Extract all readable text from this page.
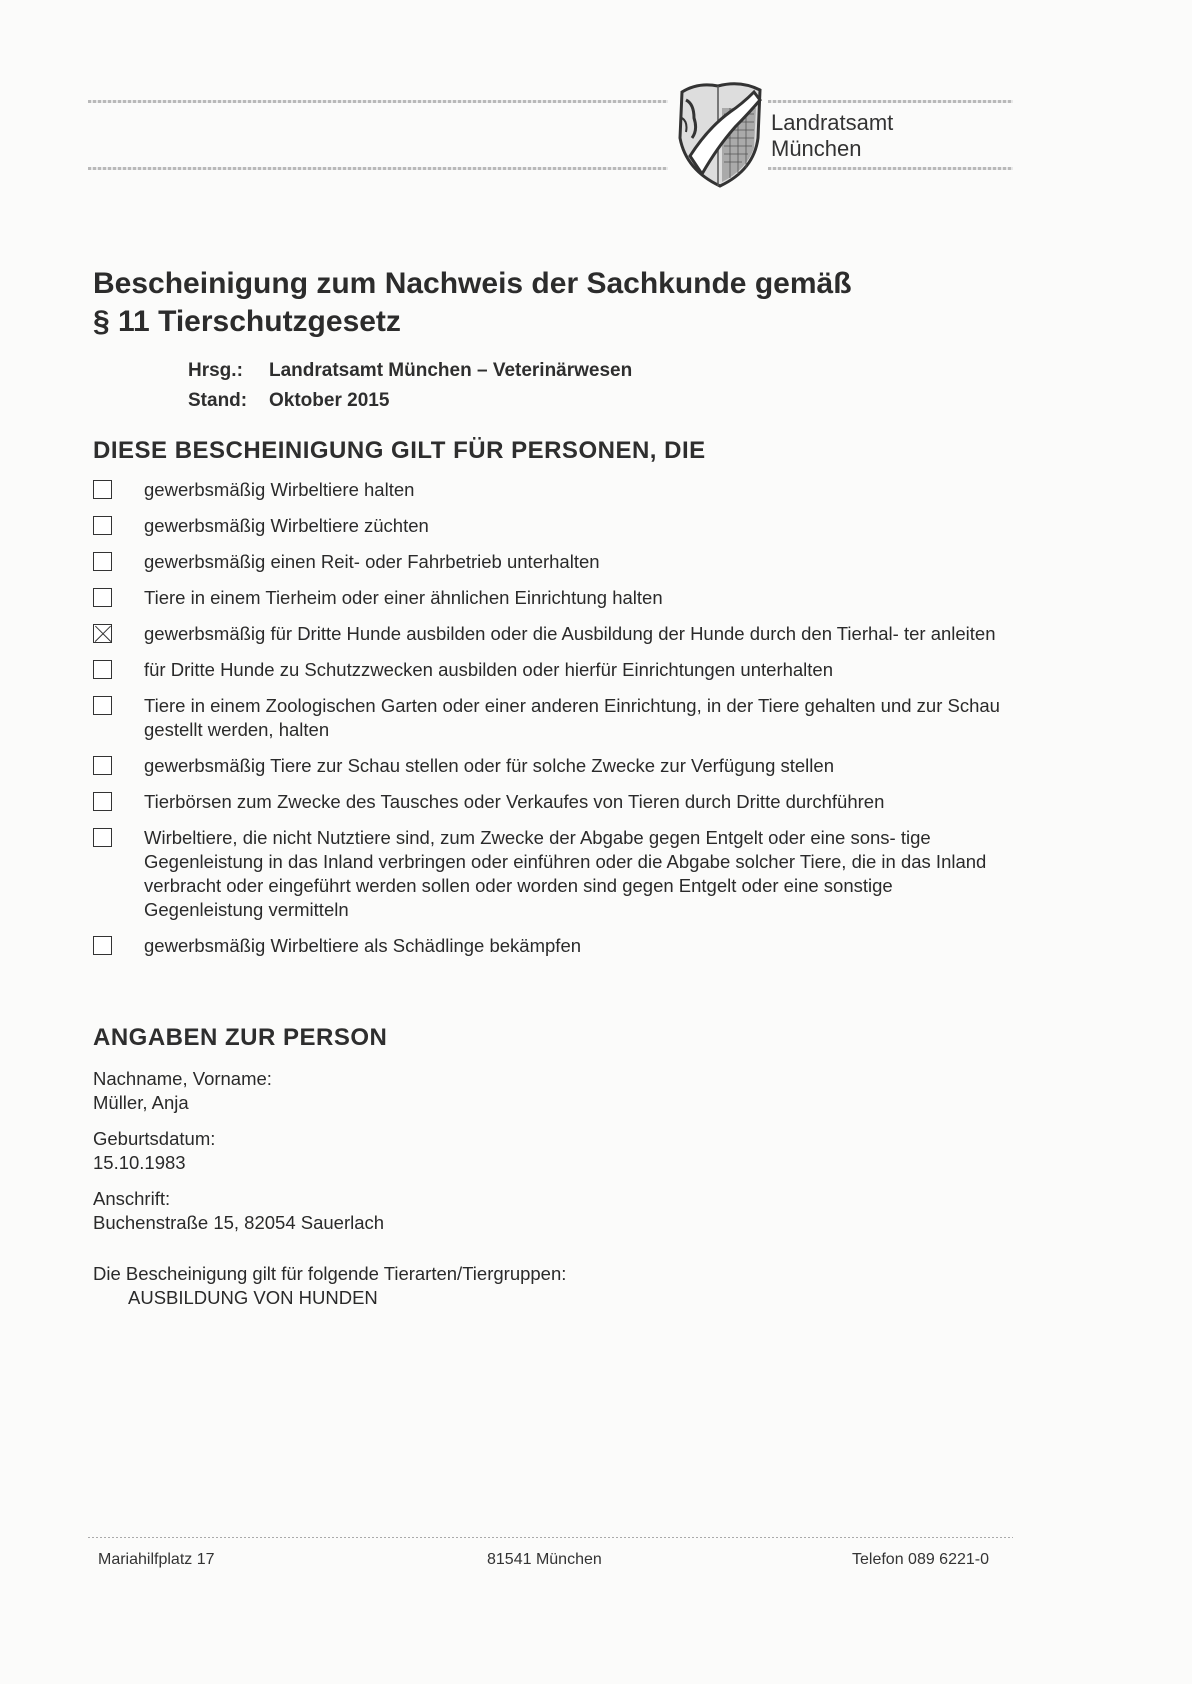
Landratsamt
München
Bescheinigung zum Nachweis der Sachkunde gemäß
§ 11 Tierschutzgesetz
Hrsg.: Landratsamt München – Veterinärwesen
Stand: Oktober 2015
DIESE BESCHEINIGUNG GILT FÜR PERSONEN, DIE
gewerbsmäßig Wirbeltiere halten
gewerbsmäßig Wirbeltiere züchten
gewerbsmäßig einen Reit- oder Fahrbetrieb unterhalten
Tiere in einem Tierheim oder einer ähnlichen Einrichtung halten
gewerbsmäßig für Dritte Hunde ausbilden oder die Ausbildung der Hunde durch den Tierhal- ter anleiten
für Dritte Hunde zu Schutzzwecken ausbilden oder hierfür Einrichtungen unterhalten
Tiere in einem Zoologischen Garten oder einer anderen Einrichtung, in der Tiere gehalten und zur Schau gestellt werden, halten
gewerbsmäßig Tiere zur Schau stellen oder für solche Zwecke zur Verfügung stellen
Tierbörsen zum Zwecke des Tausches oder Verkaufes von Tieren durch Dritte durchführen
Wirbeltiere, die nicht Nutztiere sind, zum Zwecke der Abgabe gegen Entgelt oder eine sons- tige Gegenleistung in das Inland verbringen oder einführen oder die Abgabe solcher Tiere, die in das Inland verbracht oder eingeführt werden sollen oder worden sind gegen Entgelt oder eine sonstige Gegenleistung vermitteln
gewerbsmäßig Wirbeltiere als Schädlinge bekämpfen
ANGABEN ZUR PERSON
Nachname, Vorname:
Müller, Anja
Geburtsdatum:
15.10.1983
Anschrift:
Buchenstraße 15, 82054 Sauerlach
Die Bescheinigung gilt für folgende Tierarten/Tiergruppen:
AUSBILDUNG VON HUNDEN
Mariahilfplatz 17	81541 München	Telefon 089 6221-0
